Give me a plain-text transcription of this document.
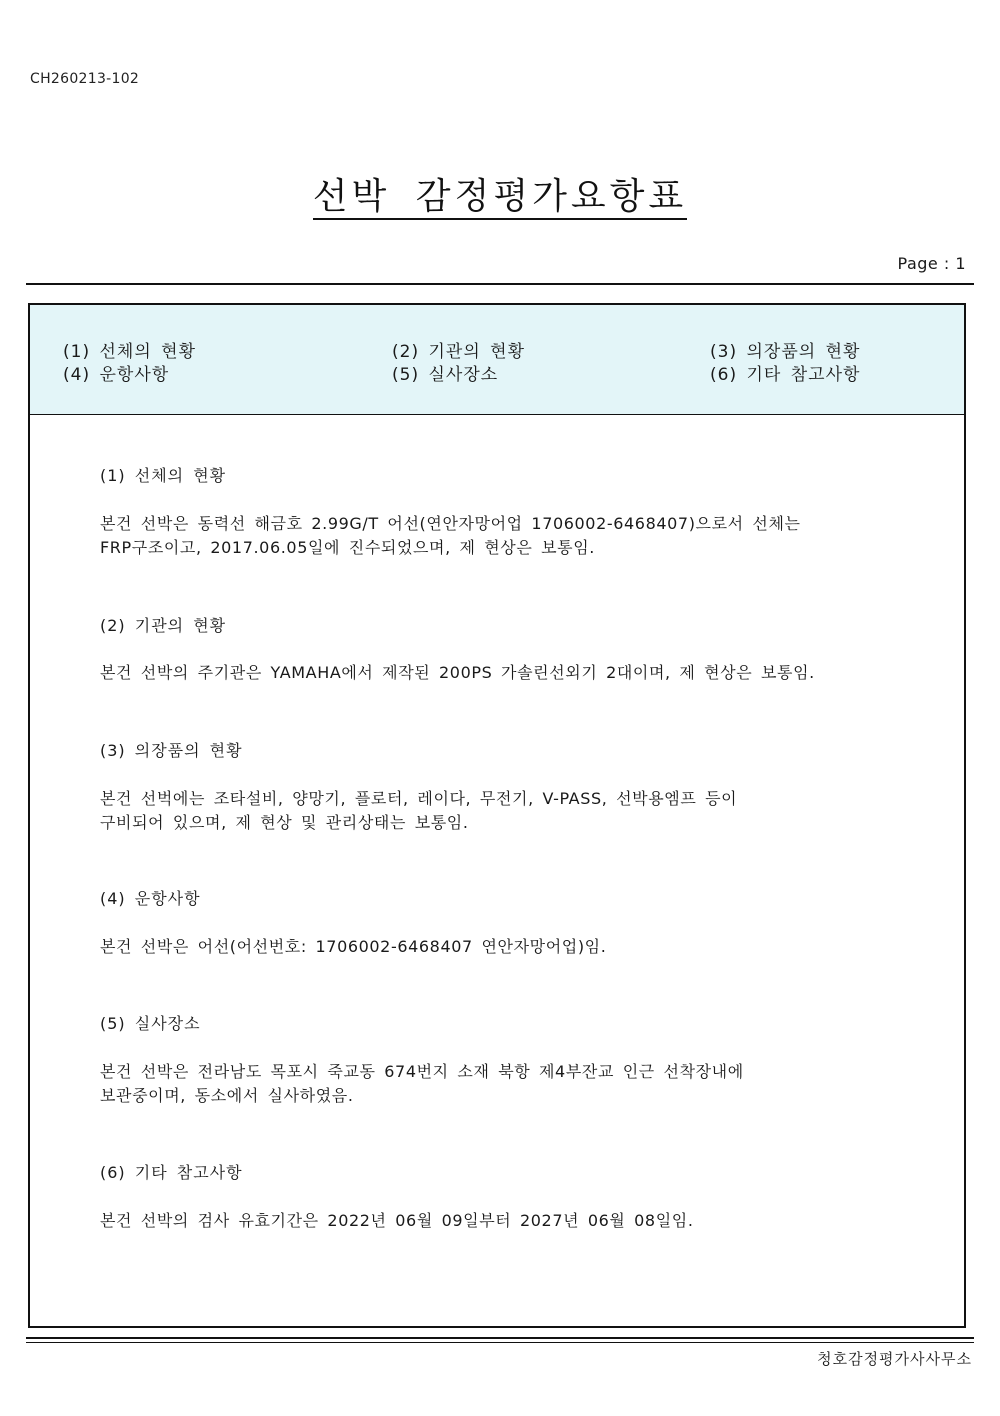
CH260213-102
선박 감정평가요항표
Page : 1
(1) 선체의 현황	(2) 기관의 현황	(3) 의장품의 현황
(4) 운항사항	(5) 실사장소	(6) 기타 참고사항
(1) 선체의 현황

본건 선박은 동력선 해금호 2.99G/T 어선(연안자망어업 1706002-6468407)으로서 선체는

FRP구조이고, 2017.06.05일에 진수되었으며, 제 현상은 보통임.

(2) 기관의 현황

본건 선박의 주기관은 YAMAHA에서 제작된 200PS 가솔린선외기 2대이며, 제 현상은 보통임.

(3) 의장품의 현황

본건 선벅에는 조타설비, 양망기, 플로터, 레이다, 무전기, V-PASS, 선박용엠프 등이

구비되어 있으며, 제 현상 및 관리상태는 보통임.

(4) 운항사항

본건 선박은 어선(어선번호: 1706002-6468407 연안자망어업)임.

(5) 실사장소

본건 선박은 전라남도 목포시 죽교동 674번지 소재 북항 제4부잔교 인근 선착장내에

보관중이며, 동소에서 실사하였음.

(6) 기타 참고사항

본건 선박의 검사 유효기간은 2022년 06월 09일부터 2027년 06월 08일임.

청호감정평가사사무소
